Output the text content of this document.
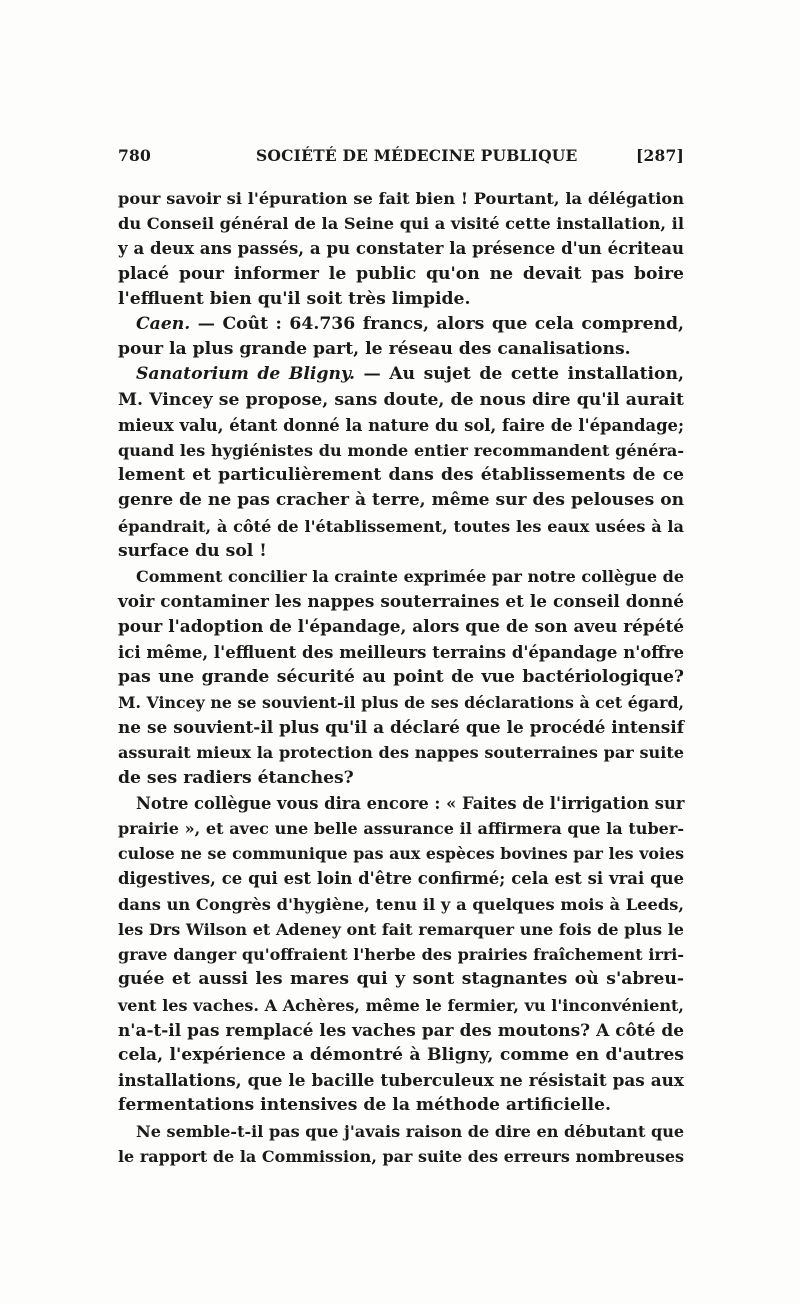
780	SOCIÉTÉ DE MÉDECINE PUBLIQUE	[287]

pour savoir si l'épuration se fait bien ! Pourtant, la délégation
du Conseil général de la Seine qui a visité cette installation, il
y a deux ans passés, a pu constater la présence d'un écriteau
placé pour informer le public qu'on ne devait pas boire
l'effluent bien qu'il soit très limpide.

Caen. — Coût : 64.736 francs, alors que cela comprend,
pour la plus grande part, le réseau des canalisations.

Sanatorium de Bligny. — Au sujet de cette installation,
M. Vincey se propose, sans doute, de nous dire qu'il aurait
mieux valu, étant donné la nature du sol, faire de l'épandage;
quand les hygiénistes du monde entier recommandent généra-
lement et particulièrement dans des établissements de ce
genre de ne pas cracher à terre, même sur des pelouses on
épandrait, à côté de l'établissement, toutes les eaux usées à la
surface du sol !

Comment concilier la crainte exprimée par notre collègue de
voir contaminer les nappes souterraines et le conseil donné
pour l'adoption de l'épandage, alors que de son aveu répété
ici même, l'effluent des meilleurs terrains d'épandage n'offre
pas une grande sécurité au point de vue bactériologique?
M. Vincey ne se souvient-il plus de ses déclarations à cet égard,
ne se souvient-il plus qu'il a déclaré que le procédé intensif
assurait mieux la protection des nappes souterraines par suite
de ses radiers étanches?

Notre collègue vous dira encore : « Faites de l'irrigation sur
prairie », et avec une belle assurance il affirmera que la tuber-
culose ne se communique pas aux espèces bovines par les voies
digestives, ce qui est loin d'être confirmé; cela est si vrai que
dans un Congrès d'hygiène, tenu il y a quelques mois à Leeds,
les Drs Wilson et Adeney ont fait remarquer une fois de plus le
grave danger qu'offraient l'herbe des prairies fraîchement irri-
guée et aussi les mares qui y sont stagnantes où s'abreu-
vent les vaches. A Achères, même le fermier, vu l'inconvénient,
n'a-t-il pas remplacé les vaches par des moutons? A côté de
cela, l'expérience a démontré à Bligny, comme en d'autres
installations, que le bacille tuberculeux ne résistait pas aux
fermentations intensives de la méthode artificielle.

Ne semble-t-il pas que j'avais raison de dire en débutant que
le rapport de la Commission, par suite des erreurs nombreuses
